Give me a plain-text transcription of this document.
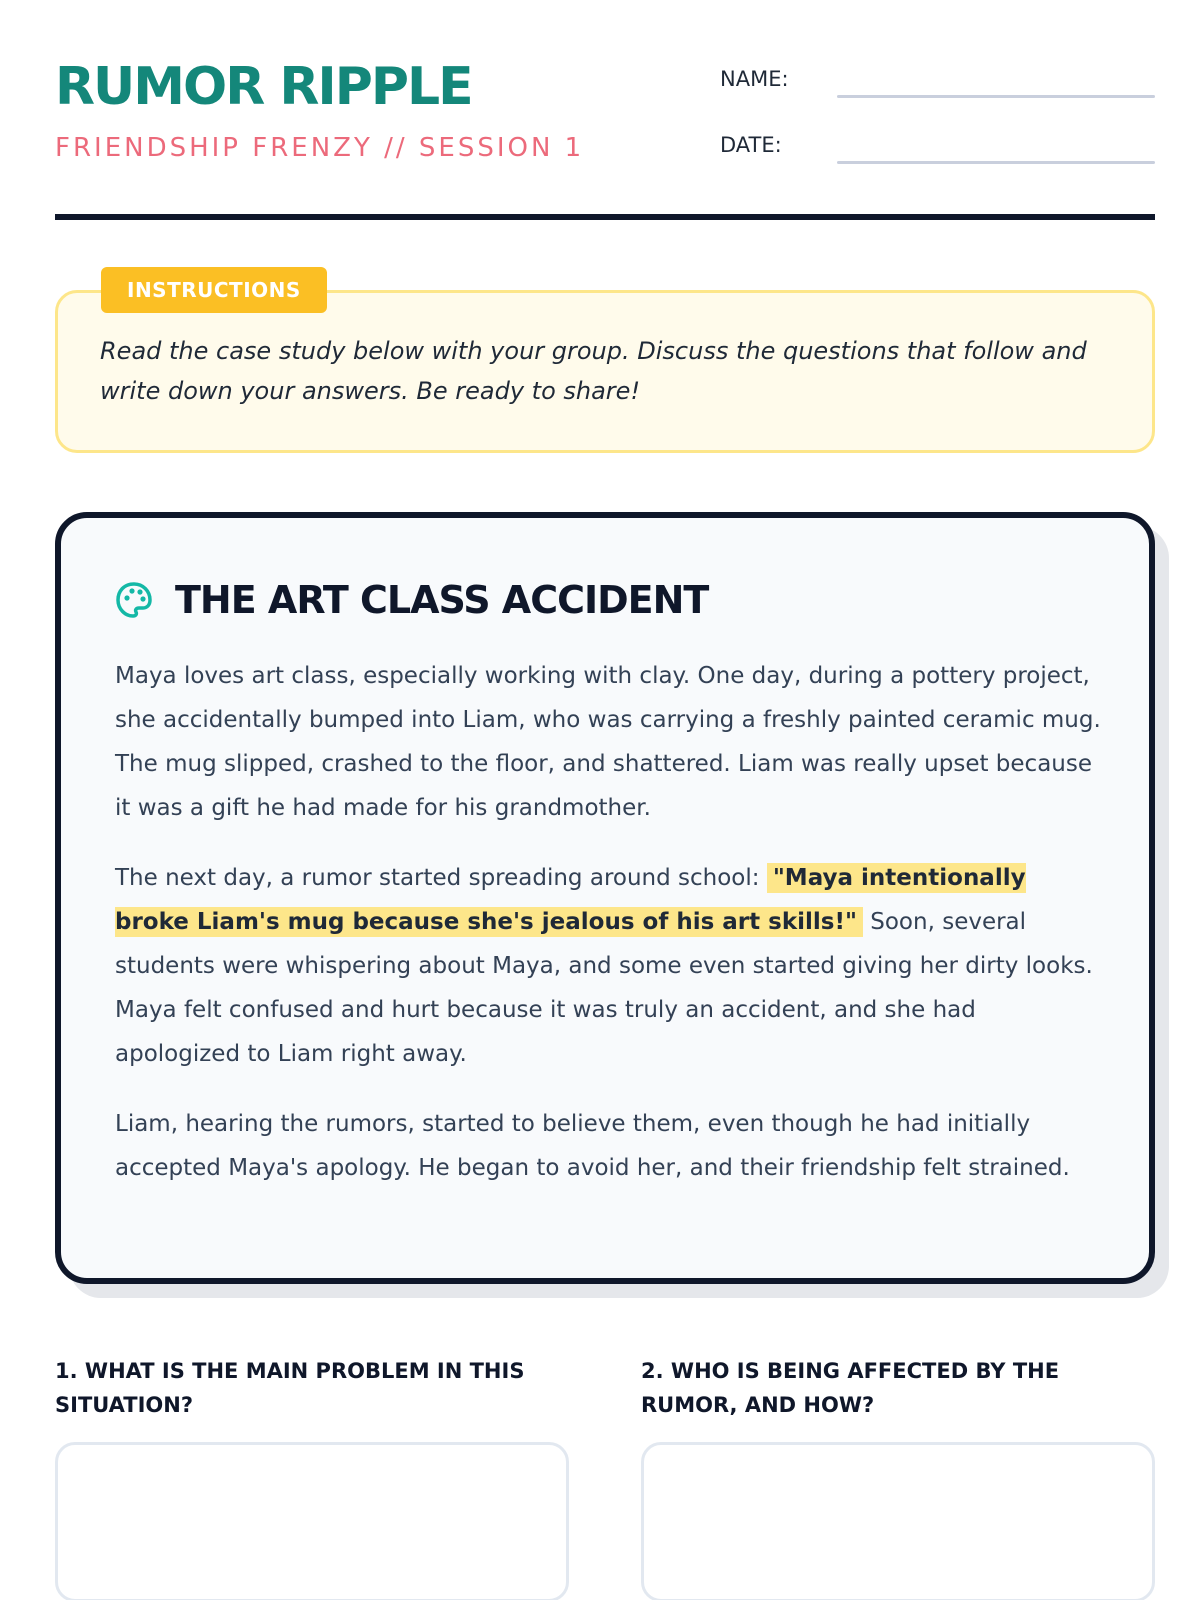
RUMOR RIPPLE
FRIENDSHIP FRENZY // SESSION 1
NAME:
DATE:
INSTRUCTIONS
Read the case study below with your group. Discuss the questions that follow and write down your answers. Be ready to share!
THE ART CLASS ACCIDENT

Maya loves art class, especially working with clay. One day, during a pottery project, she accidentally bumped into Liam, who was carrying a freshly painted ceramic mug. The mug slipped, crashed to the floor, and shattered. Liam was really upset because it was a gift he had made for his grandmother.

The next day, a rumor started spreading around school: "Maya intentionally broke Liam's mug because she's jealous of his art skills!" Soon, several students were whispering about Maya, and some even started giving her dirty looks. Maya felt confused and hurt because it was truly an accident, and she had apologized to Liam right away.

Liam, hearing the rumors, started to believe them, even though he had initially accepted Maya's apology. He began to avoid her, and their friendship felt strained.

1. WHAT IS THE MAIN PROBLEM IN THIS SITUATION?
2. WHO IS BEING AFFECTED BY THE RUMOR, AND HOW?
